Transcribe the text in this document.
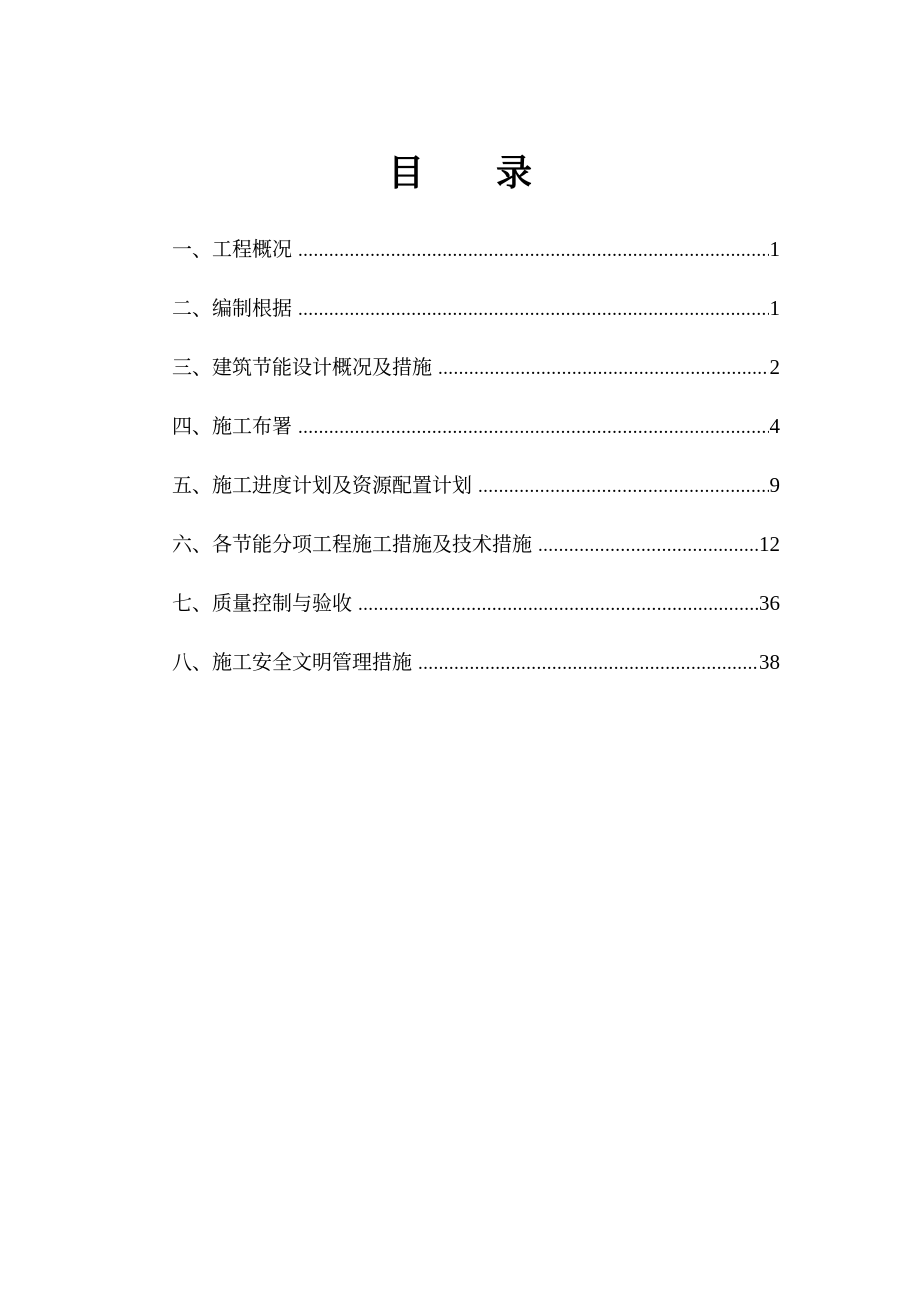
目 录
一、工程概况 .....	1
二、编制根据 .....	1
三、建筑节能设计概况及措施 .....	2
四、施工布署 .....	4
五、施工进度计划及资源配置计划 .....	9
六、各节能分项工程施工措施及技术措施 .....	12
七、质量控制与验收 .....	36
八、施工安全文明管理措施 .....	38
